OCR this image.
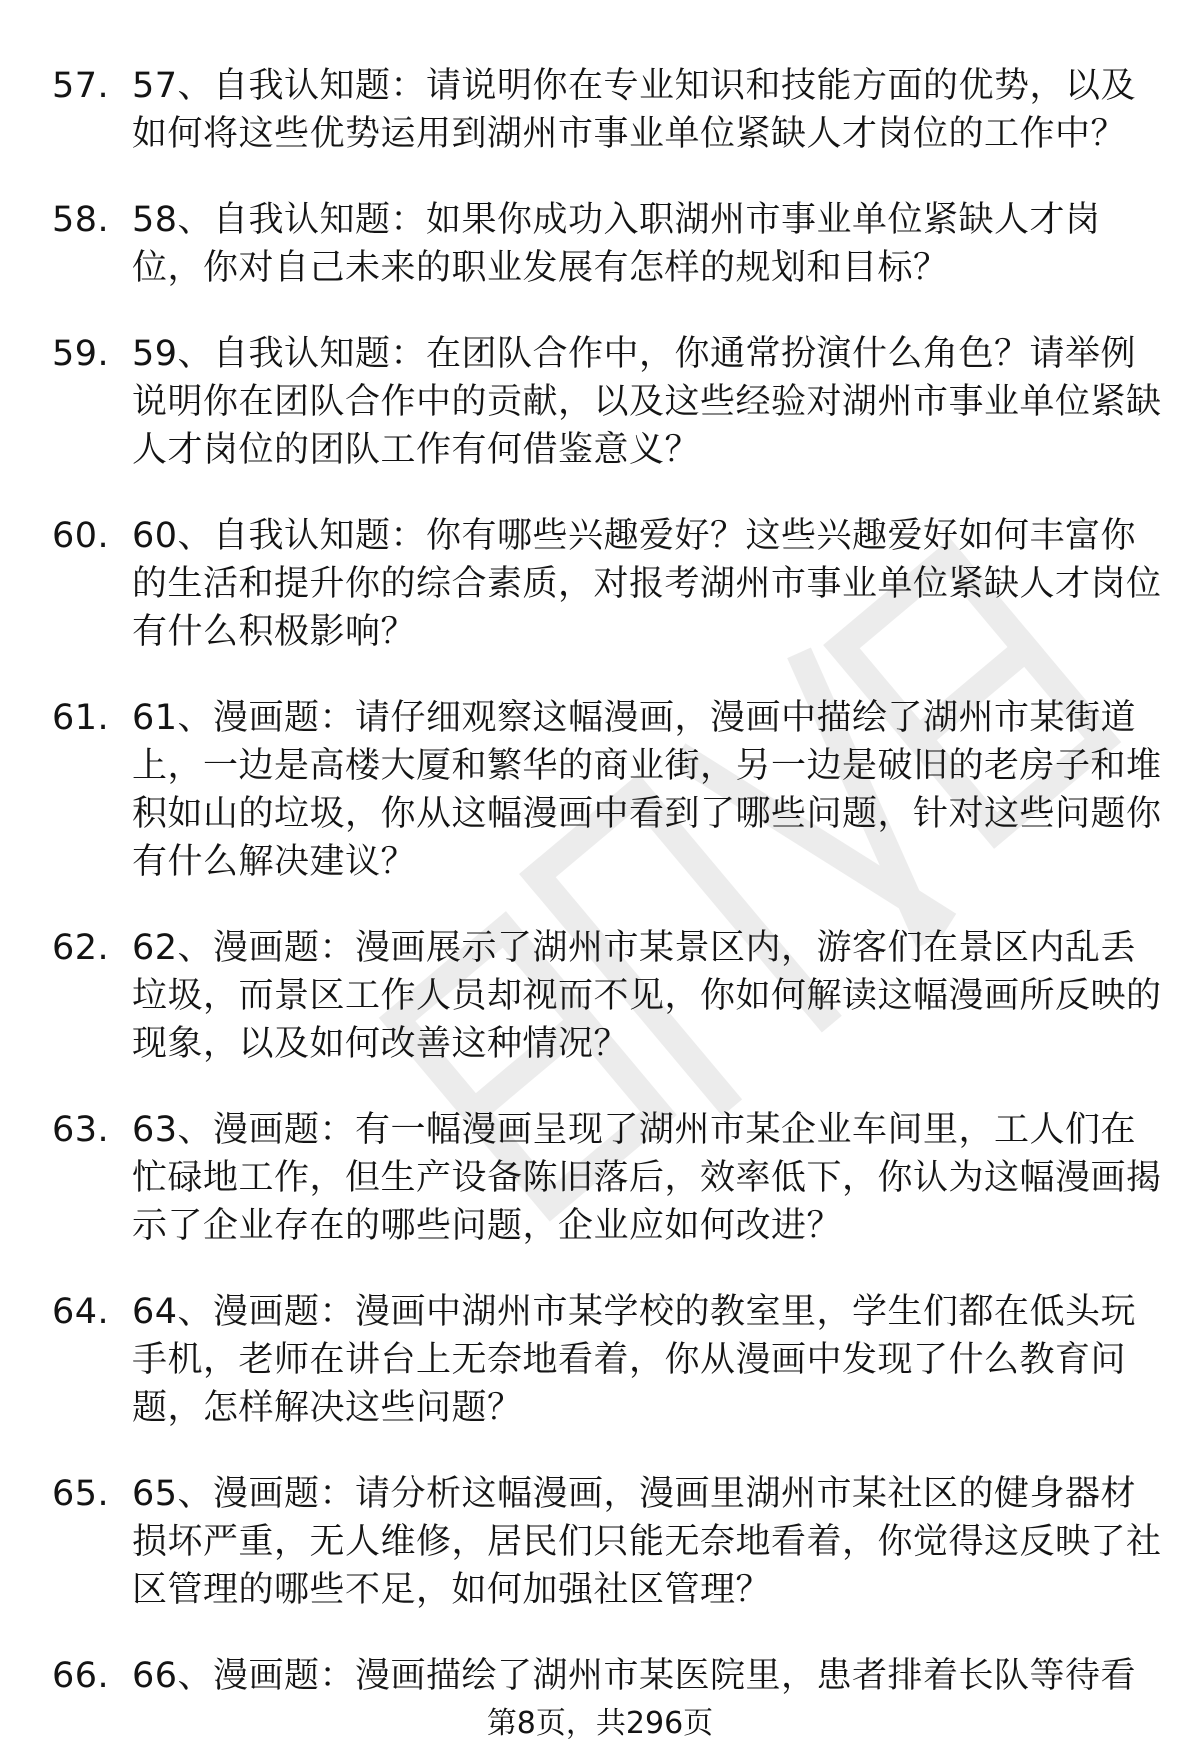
57. 57、自我认知题：请说明你在专业知识和技能方面的优势，以及如何将这些优势运用到湖州市事业单位紧缺人才岗位的工作中？
58. 58、自我认知题：如果你成功入职湖州市事业单位紧缺人才岗位，你对自己未来的职业发展有怎样的规划和目标？
59. 59、自我认知题：在团队合作中，你通常扮演什么角色？请举例说明你在团队合作中的贡献，以及这些经验对湖州市事业单位紧缺人才岗位的团队工作有何借鉴意义？
60. 60、自我认知题：你有哪些兴趣爱好？这些兴趣爱好如何丰富你的生活和提升你的综合素质，对报考湖州市事业单位紧缺人才岗位有什么积极影响？
61. 61、漫画题：请仔细观察这幅漫画，漫画中描绘了湖州市某街道上，一边是高楼大厦和繁华的商业街，另一边是破旧的老房子和堆积如山的垃圾，你从这幅漫画中看到了哪些问题，针对这些问题你有什么解决建议？
62. 62、漫画题：漫画展示了湖州市某景区内，游客们在景区内乱丢垃圾，而景区工作人员却视而不见，你如何解读这幅漫画所反映的现象，以及如何改善这种情况？
63. 63、漫画题：有一幅漫画呈现了湖州市某企业车间里，工人们在忙碌地工作，但生产设备陈旧落后，效率低下，你认为这幅漫画揭示了企业存在的哪些问题，企业应如何改进？
64. 64、漫画题：漫画中湖州市某学校的教室里，学生们都在低头玩手机，老师在讲台上无奈地看着，你从漫画中发现了什么教育问题，怎样解决这些问题？
65. 65、漫画题：请分析这幅漫画，漫画里湖州市某社区的健身器材损坏严重，无人维修，居民们只能无奈地看着，你觉得这反映了社区管理的哪些不足，如何加强社区管理？
66. 66、漫画题：漫画描绘了湖州市某医院里，患者排着长队等待看
第8页，共296页
